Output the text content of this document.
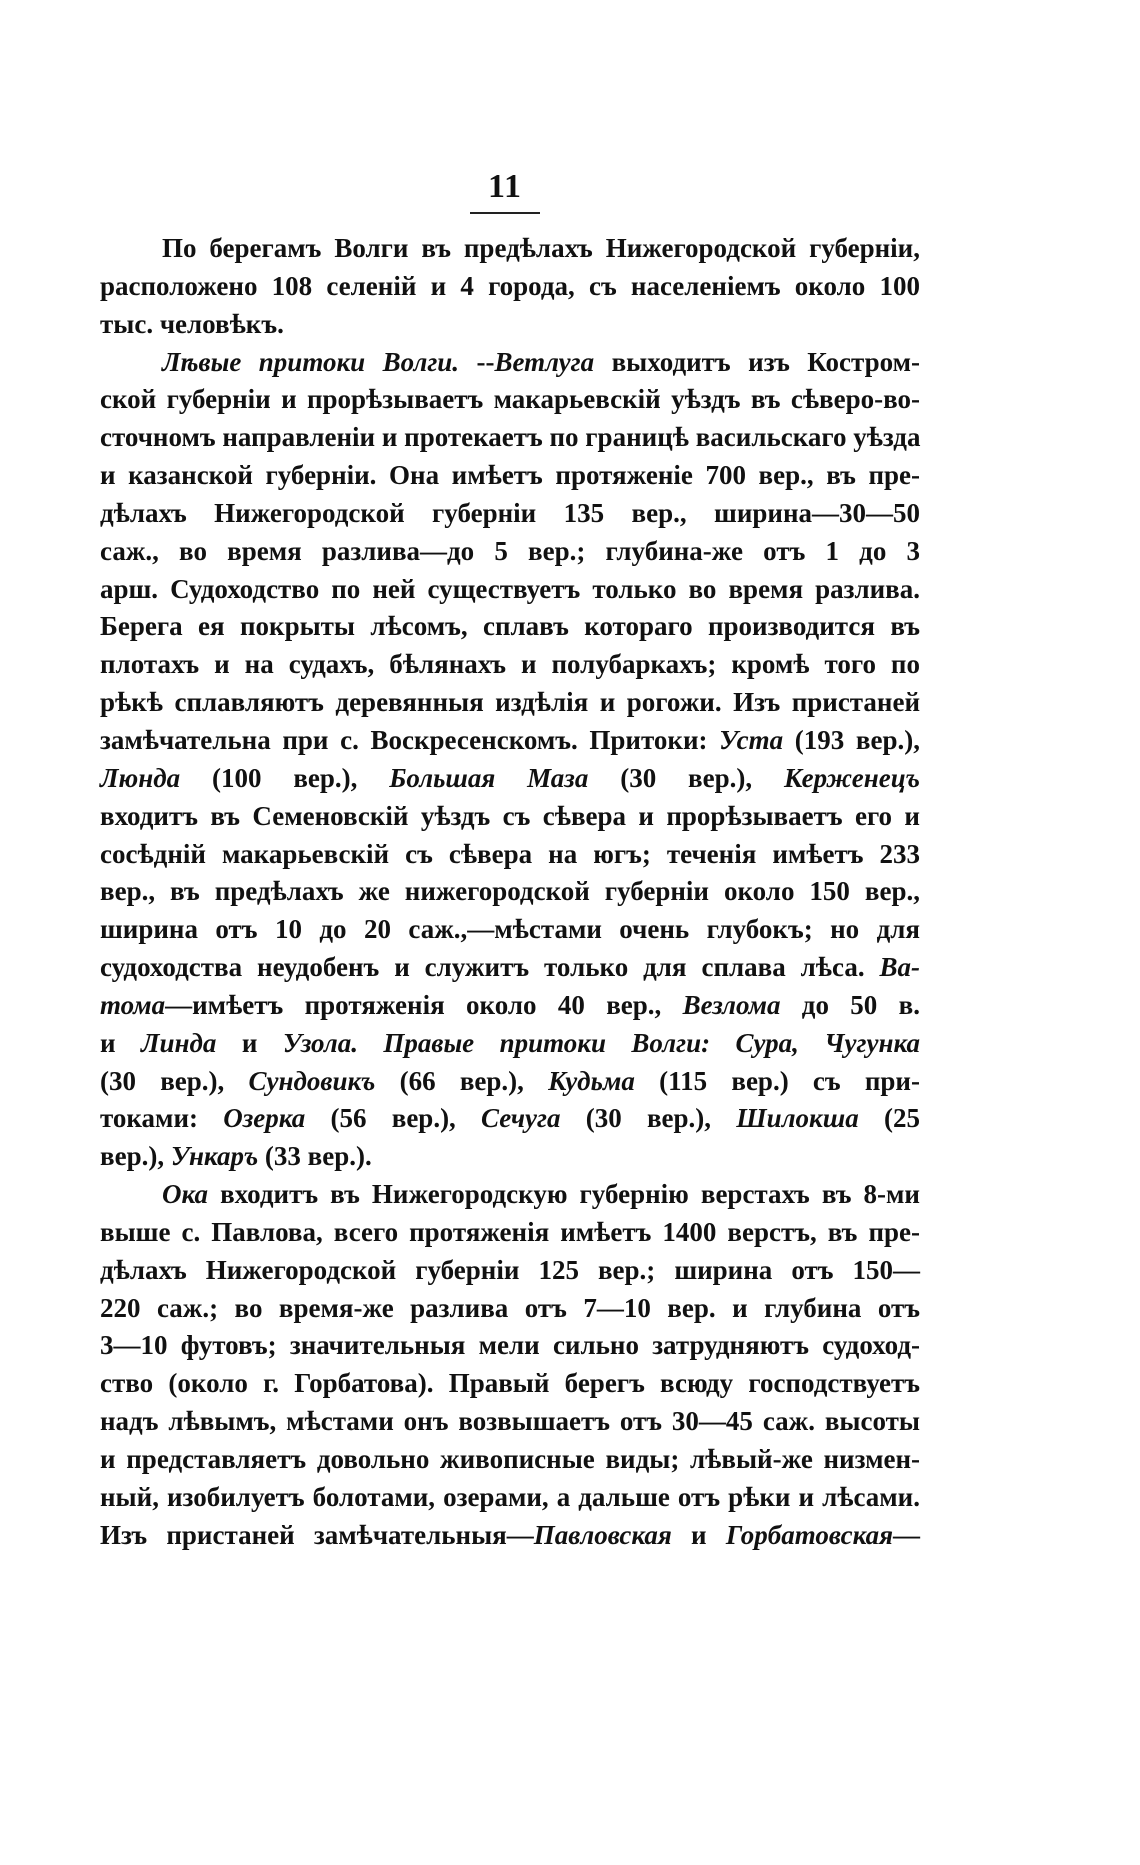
11
По берегамъ Волги въ предѣлахъ Нижегородской губерніи,
расположено 108 селеній и 4 города, съ населеніемъ около 100
тыс. человѣкъ.
Лѣвые притоки Волги. --Ветлуга выходитъ изъ Костром-
ской губерніи и прорѣзываетъ макарьевскій уѣздъ въ сѣверо-во-
сточномъ направленіи и протекаетъ по границѣ васильскаго уѣзда
и казанской губерніи. Она имѣетъ протяженіе 700 вер., въ пре-
дѣлахъ Нижегородской губерніи 135 вер., ширина—30—50
саж., во время разлива—до 5 вер.; глубина-же отъ 1 до 3
арш. Судоходство по ней существуетъ только во время разлива.
Берега ея покрыты лѣсомъ, сплавъ котораго производится въ
плотахъ и на судахъ, бѣлянахъ и полубаркахъ; кромѣ того по
рѣкѣ сплавляютъ деревянныя издѣлія и рогожи. Изъ пристаней
замѣчательна при с. Воскресенскомъ. Притоки: Уста (193 вер.),
Люнда (100 вер.), Большая Маза (30 вер.), Керженецъ
входитъ въ Семеновскій уѣздъ съ сѣвера и прорѣзываетъ его и
сосѣдній макарьевскій съ сѣвера на югъ; теченія имѣетъ 233
вер., въ предѣлахъ же нижегородской губерніи около 150 вер.,
ширина отъ 10 до 20 саж.,—мѣстами очень глубокъ; но для
судоходства неудобенъ и служитъ только для сплава лѣса. Ва-
тома—имѣетъ протяженія около 40 вер., Везлома до 50 в.
и Линда и Узола. Правые притоки Волги: Сура, Чугунка
(30 вер.), Сундовикъ (66 вер.), Кудьма (115 вер.) съ при-
токами: Озерка (56 вер.), Сечуга (30 вер.), Шилокша (25
вер.), Ункаръ (33 вер.).
Ока входитъ въ Нижегородскую губернію верстахъ въ 8-ми
выше с. Павлова, всего протяженія имѣетъ 1400 верстъ, въ пре-
дѣлахъ Нижегородской губерніи 125 вер.; ширина отъ 150—
220 саж.; во время-же разлива отъ 7—10 вер. и глубина отъ
3—10 футовъ; значительныя мели сильно затрудняютъ судоход-
ство (около г. Горбатова). Правый берегъ всюду господствуетъ
надъ лѣвымъ, мѣстами онъ возвышаетъ отъ 30—45 саж. высоты
и представляетъ довольно живописные виды; лѣвый-же низмен-
ный, изобилуетъ болотами, озерами, а дальше отъ рѣки и лѣсами.
Изъ пристаней замѣчательныя—Павловская и Горбатовская—
